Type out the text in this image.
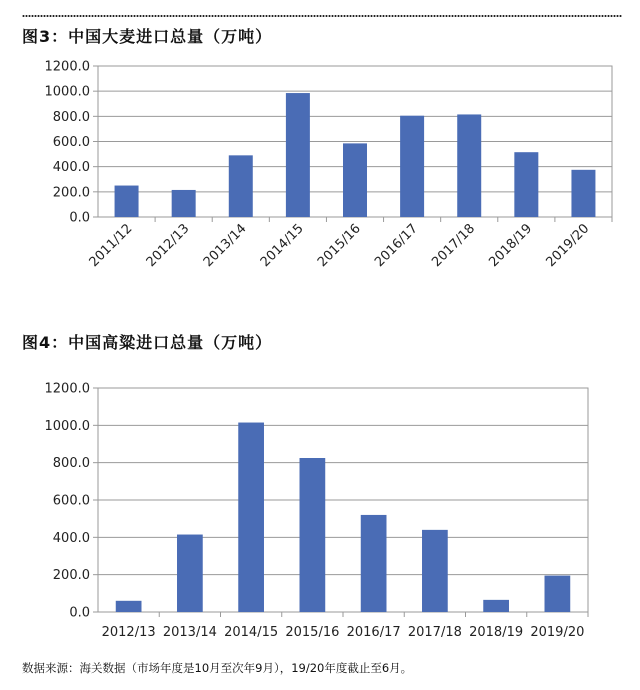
图3：中国大麦进口总量（万吨）
0.0
200.0
400.0
600.0
800.0
1000.0
1200.0
2011/12 2012/13 2013/14 2014/15 2015/16 2016/17 2017/18 2018/19 2019/20
图4：中国高粱进口总量（万吨）
0.0
200.0
400.0
600.0
800.0
1000.0
1200.0
2012/13 2013/14 2014/15 2015/16 2016/17 2017/18 2018/19 2019/20

数据来源：海关数据（市场年度是10月至次年9月），19/20年度截止至6月。
